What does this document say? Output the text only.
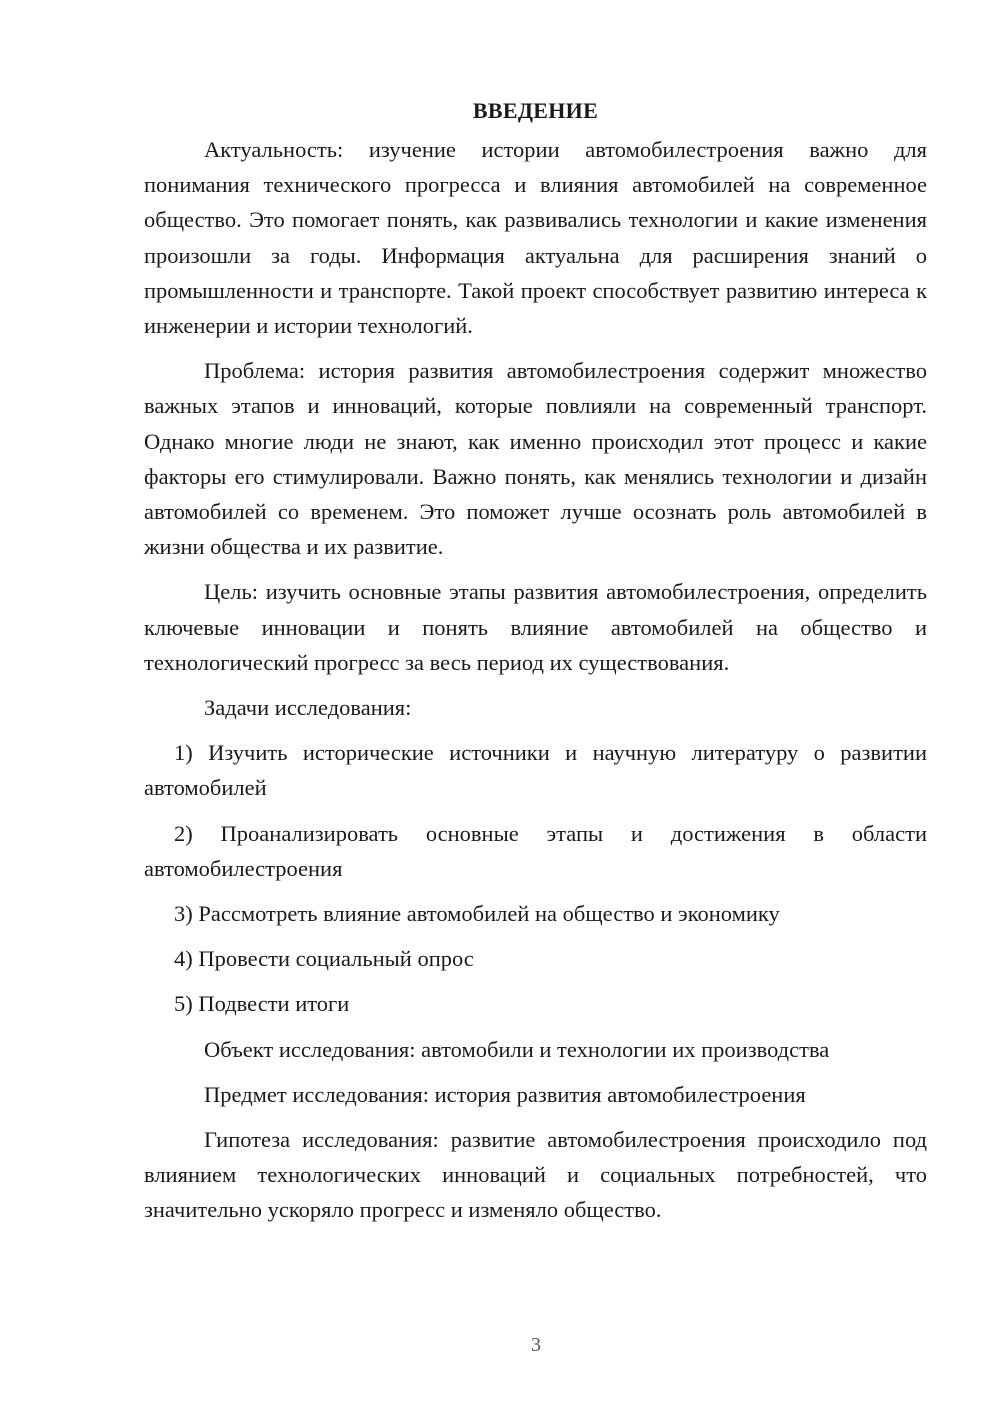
ВВЕДЕНИЕ

Актуальность: изучение истории автомобилестроения важно для понимания технического прогресса и влияния автомобилей на современное общество. Это помогает понять, как развивались технологии и какие изменения произошли за годы. Информация актуальна для расширения знаний о промышленности и транспорте. Такой проект способствует развитию интереса к инженерии и истории технологий.

Проблема: история развития автомобилестроения содержит множество важных этапов и инноваций, которые повлияли на современный транспорт. Однако многие люди не знают, как именно происходил этот процесс и какие факторы его стимулировали. Важно понять, как менялись технологии и дизайн автомобилей со временем. Это поможет лучше осознать роль автомобилей в жизни общества и их развитие.

Цель: изучить основные этапы развития автомобилестроения, определить ключевые инновации и понять влияние автомобилей на общество и технологический прогресс за весь период их существования.

Задачи исследования:

1) Изучить исторические источники и научную литературу о развитии автомобилей

2) Проанализировать основные этапы и достижения в области автомобилестроения

3) Рассмотреть влияние автомобилей на общество и экономику

4) Провести социальный опрос

5) Подвести итоги

Объект исследования: автомобили и технологии их производства

Предмет исследования: история развития автомобилестроения

Гипотеза исследования: развитие автомобилестроения происходило под влиянием технологических инноваций и социальных потребностей, что значительно ускоряло прогресс и изменяло общество.

3
